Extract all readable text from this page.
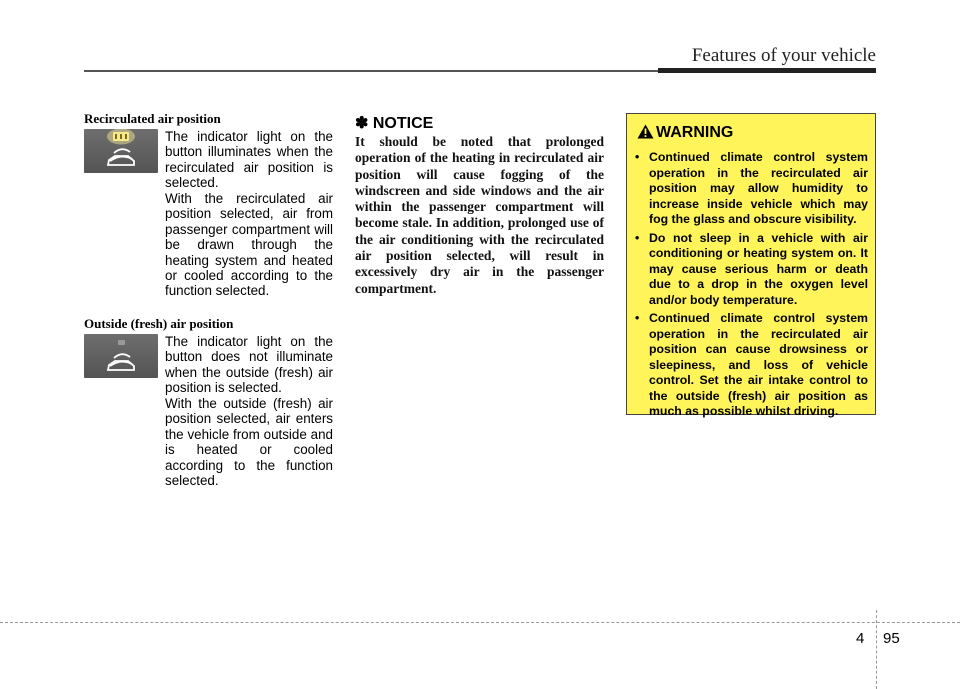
Features of your vehicle
Recirculated air position
The indicator light on the button illuminates when the recirculated air position is selected.
With the recirculated air position selected, air from passenger compartment will be drawn through the heating system and heated or cooled according to the function selected.
Outside (fresh) air position
The indicator light on the button does not illuminate when the outside (fresh) air position is selected.
With the outside (fresh) air position selected, air enters the vehicle from outside and is heated or cooled according to the function selected.
✽ NOTICE
It should be noted that prolonged operation of the heating in recirculated air position will cause fogging of the windscreen and side windows and the air within the passenger compartment will become stale. In addition, prolonged use of the air conditioning with the recirculated air position selected, will result in excessively dry air in the passenger compartment.
WARNING
• Continued climate control system operation in the recirculated air position may allow humidity to increase inside vehicle which may fog the glass and obscure visibility.
• Do not sleep in a vehicle with air conditioning or heating system on. It may cause serious harm or death due to a drop in the oxygen level and/or body temperature.
• Continued climate control system operation in the recirculated air position can cause drowsiness or sleepiness, and loss of vehicle control. Set the air intake control to the outside (fresh) air position as much as possible whilst driving.
4 95
